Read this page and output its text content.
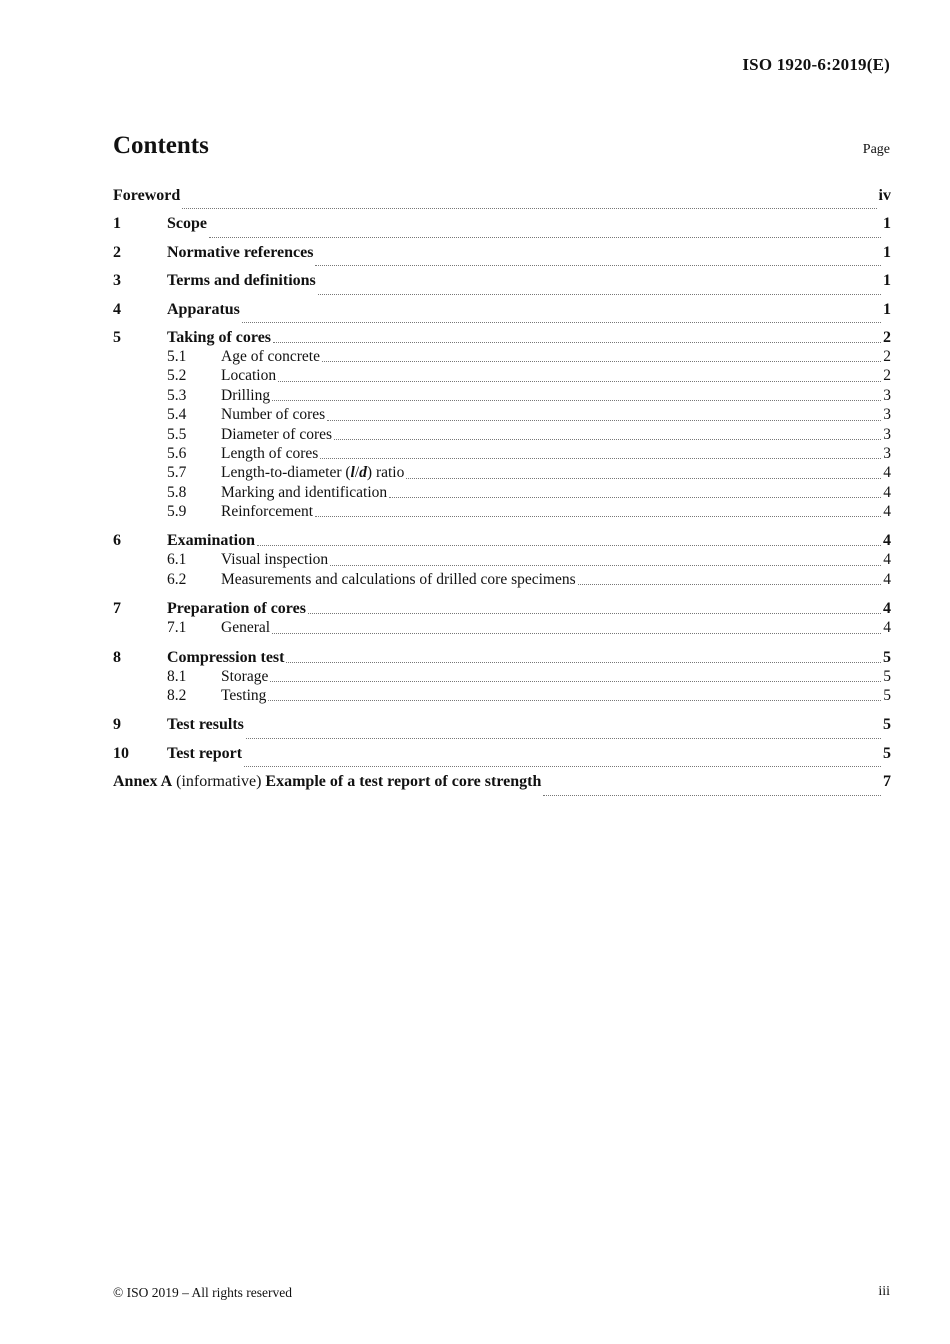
ISO 1920-6:2019(E)
Contents	Page
Foreword	iv
1	Scope	1
2	Normative references	1
3	Terms and definitions	1
4	Apparatus	1
5	Taking of cores	2
5.1	Age of concrete	2
5.2	Location	2
5.3	Drilling	3
5.4	Number of cores	3
5.5	Diameter of cores	3
5.6	Length of cores	3
5.7	Length-to-diameter (l/d) ratio	4
5.8	Marking and identification	4
5.9	Reinforcement	4
6	Examination	4
6.1	Visual inspection	4
6.2	Measurements and calculations of drilled core specimens	4
7	Preparation of cores	4
7.1	General	4
8	Compression test	5
8.1	Storage	5
8.2	Testing	5
9	Test results	5
10	Test report	5
Annex A (informative) Example of a test report of core strength	7
© ISO 2019 – All rights reserved	iii
